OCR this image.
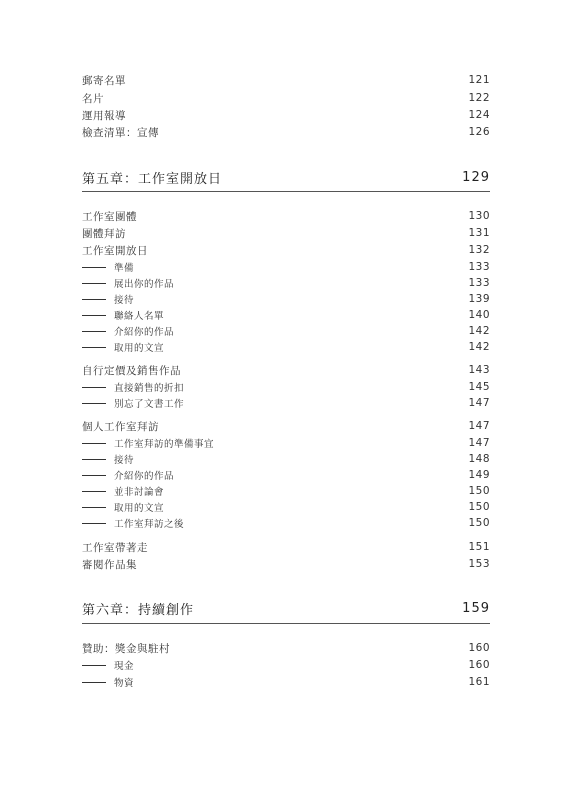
郵寄名單	121
名片	122
運用報導	124
檢查清單：宣傳	126
第五章：工作室開放日	129
工作室團體	130
團體拜訪	131
工作室開放日	132
準備	133
展出你的作品	133
接待	139
聯絡人名單	140
介紹你的作品	142
取用的文宣	142
自行定價及銷售作品	143
直接銷售的折扣	145
別忘了文書工作	147
個人工作室拜訪	147
工作室拜訪的準備事宜	147
接待	148
介紹你的作品	149
並非討論會	150
取用的文宣	150
工作室拜訪之後	150
工作室帶著走	151
審閱作品集	153
第六章：持續創作	159
贊助：獎金與駐村	160
現金	160
物資	161
